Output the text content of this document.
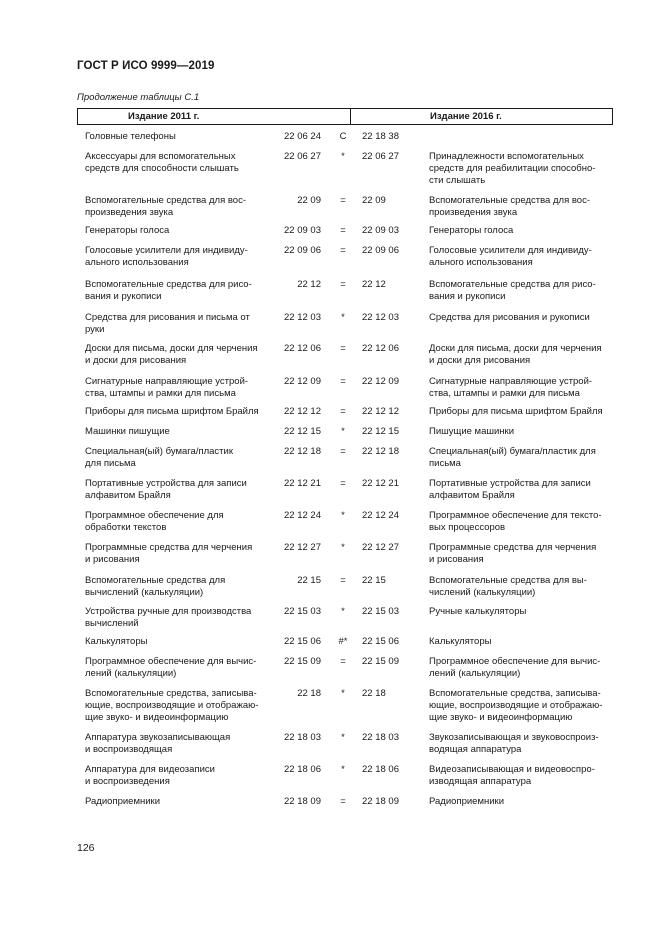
ГОСТ Р ИСО 9999—2019
Продолжение таблицы С.1
Издание 2011 г.	Издание 2016 г.
Головные телефоны	22 06 24	C	22 18 38
Аксессуары для вспомогательных
средств для способности слышать
22 06 27	*	22 06 27	Принадлежности вспомогательных
средств для реабилитации способно-
сти слышать
Вспомогательные средства для вос-
произведения звука
22 09	=	22 09	Вспомогательные средства для вос-
произведения звука
Генераторы голоса	22 09 03	=	22 09 03	Генераторы голоса
Голосовые усилители для индивиду-
ального использования
22 09 06	=	22 09 06	Голосовые усилители для индивиду-
ального использования
Вспомогательные средства для рисо-
вания и рукописи
22 12	=	22 12	Вспомогательные средства для рисо-
вания и рукописи
Средства для рисования и письма от
руки
22 12 03	*	22 12 03	Средства для рисования и рукописи
Доски для письма, доски для черчения
и доски для рисования
22 12 06	=	22 12 06	Доски для письма, доски для черчения
и доски для рисования
Сигнатурные направляющие устрой-
ства, штампы и рамки для письма
22 12 09	=	22 12 09	Сигнатурные направляющие устрой-
ства, штампы и рамки для письма
Приборы для письма шрифтом Брайля	22 12 12	=	22 12 12	Приборы для письма шрифтом Брайля
Машинки пишущие	22 12 15	*	22 12 15	Пишущие машинки
Специальная(ый) бумага/пластик
для письма
22 12 18	=	22 12 18	Специальная(ый) бумага/пластик для
письма
Портативные устройства для записи
алфавитом Брайля
22 12 21	=	22 12 21	Портативные устройства для записи
алфавитом Брайля
Программное обеспечение для
обработки текстов
22 12 24	*	22 12 24	Программное обеспечение для тексто-
вых процессоров
Программные средства для черчения
и рисования
22 12 27	*	22 12 27	Программные средства для черчения
и рисования
Вспомогательные средства для
вычислений (калькуляции)
22 15	=	22 15	Вспомогательные средства для вы-
числений (калькуляции)
Устройства ручные для производства
вычислений
22 15 03	*	22 15 03	Ручные калькуляторы
Калькуляторы	22 15 06	#*	22 15 06	Калькуляторы
Программное обеспечение для вычис-
лений (калькуляции)
22 15 09	=	22 15 09	Программное обеспечение для вычис-
лений (калькуляции)
Вспомогательные средства, записыва-
ющие, воспроизводящие и отображаю-
щие звуко- и видеоинформацию
22 18	*	22 18	Вспомогательные средства, записыва-
ющие, воспроизводящие и отображаю-
щие звуко- и видеоинформацию
Аппаратура звукозаписывающая
и воспроизводящая
22 18 03	*	22 18 03	Звукозаписывающая и звуковоспроиз-
водящая аппаратура
Аппаратура для видеозаписи
и воспроизведения
22 18 06	*	22 18 06	Видеозаписывающая и видеовоспро-
изводящая аппаратура
Радиоприемники	22 18 09	=	22 18 09	Радиоприемники
126
